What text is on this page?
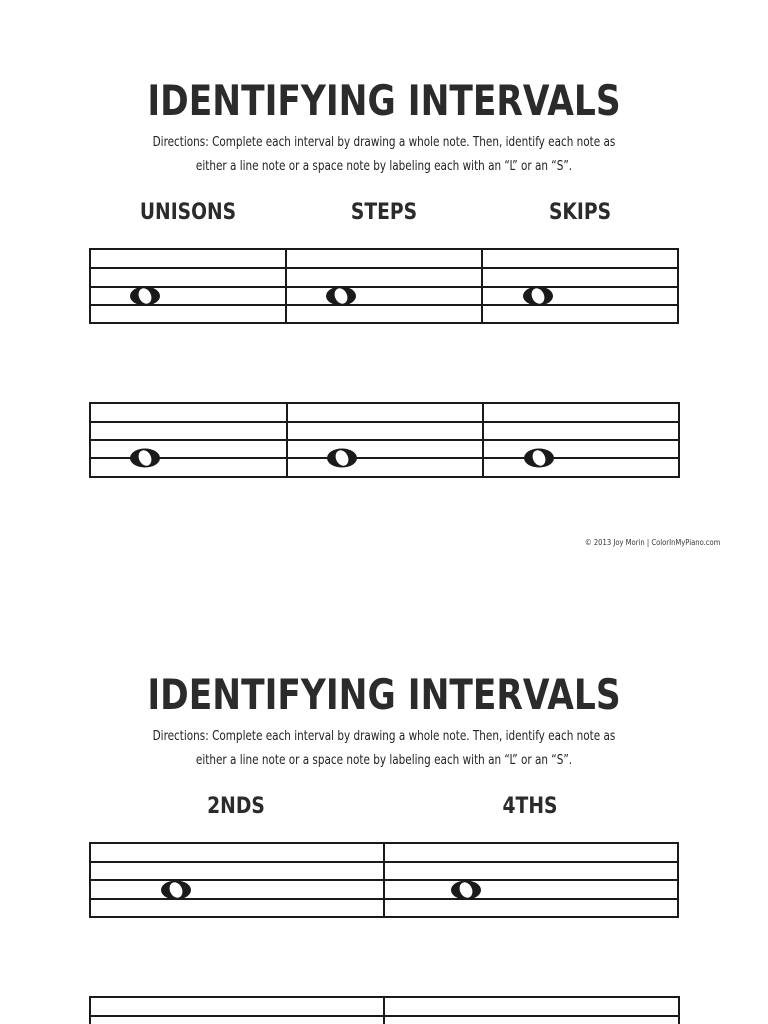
IDENTIFYING INTERVALS
Directions: Complete each interval by drawing a whole note. Then, identify each note as
either a line note or a space note by labeling each with an “L” or an “S”.
UNISONS	STEPS	SKIPS
© 2013 Joy Morin | ColorInMyPiano.com
IDENTIFYING INTERVALS
Directions: Complete each interval by drawing a whole note. Then, identify each note as
either a line note or a space note by labeling each with an “L” or an “S”.
2NDS	4THS
